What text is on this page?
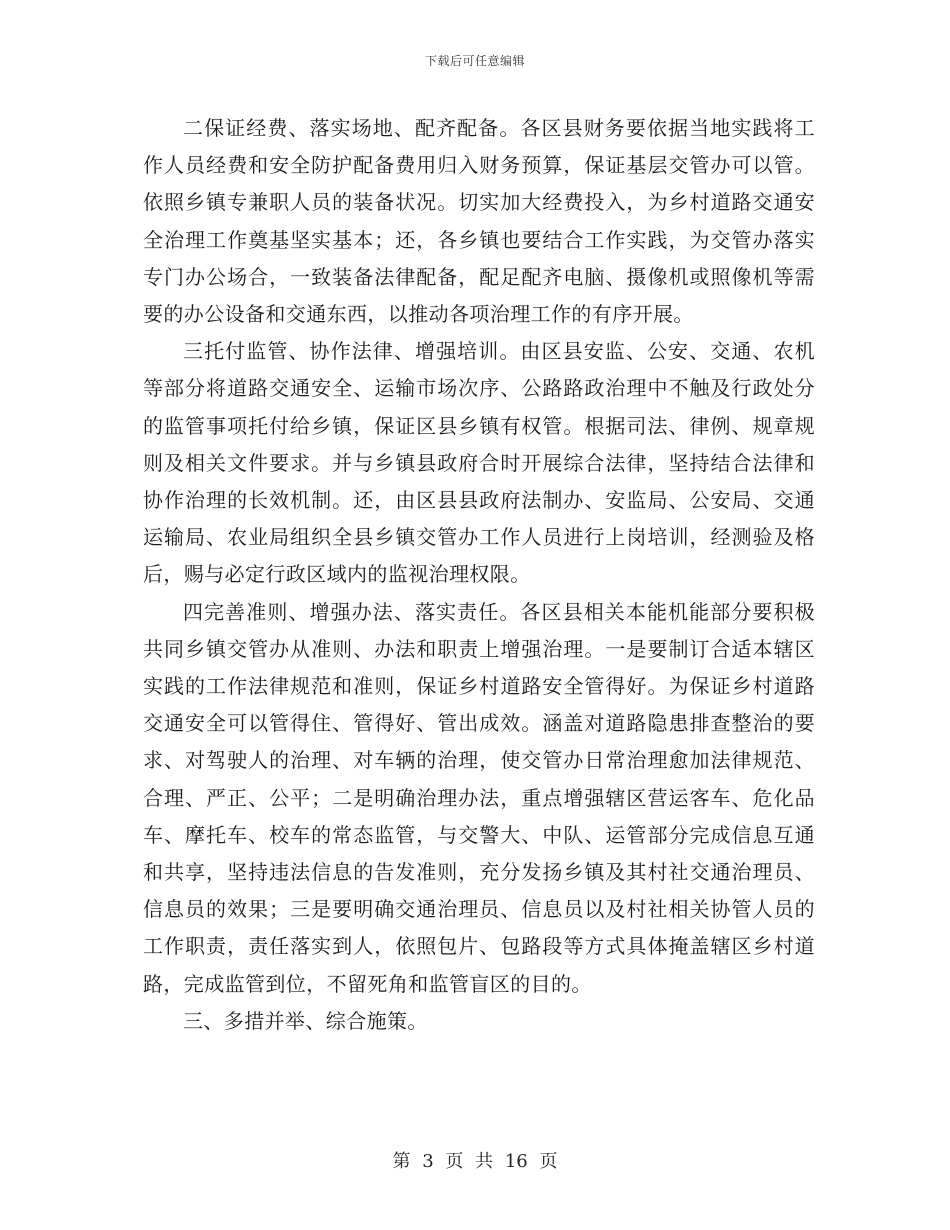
下载后可任意编辑

二保证经费、落实场地、配齐配备。各区县财务要依据当地实践将工作人员经费和安全防护配备费用归入财务预算，保证基层交管办可以管。依照乡镇专兼职人员的装备状况。切实加大经费投入，为乡村道路交通安全治理工作奠基坚实基本；还，各乡镇也要结合工作实践，为交管办落实专门办公场合，一致装备法律配备，配足配齐电脑、摄像机或照像机等需要的办公设备和交通东西，以推动各项治理工作的有序开展。

三托付监管、协作法律、增强培训。由区县安监、公安、交通、农机等部分将道路交通安全、运输市场次序、公路路政治理中不触及行政处分的监管事项托付给乡镇，保证区县乡镇有权管。根据司法、律例、规章规则及相关文件要求。并与乡镇县政府合时开展综合法律，坚持结合法律和协作治理的长效机制。还，由区县县政府法制办、安监局、公安局、交通运输局、农业局组织全县乡镇交管办工作人员进行上岗培训，经测验及格后，赐与必定行政区域内的监视治理权限。

四完善准则、增强办法、落实责任。各区县相关本能机能部分要积极共同乡镇交管办从准则、办法和职责上增强治理。一是要制订合适本辖区实践的工作法律规范和准则，保证乡村道路安全管得好。为保证乡村道路交通安全可以管得住、管得好、管出成效。涵盖对道路隐患排查整治的要求、对驾驶人的治理、对车辆的治理，使交管办日常治理愈加法律规范、合理、严正、公平；二是明确治理办法，重点增强辖区营运客车、危化品车、摩托车、校车的常态监管，与交警大、中队、运管部分完成信息互通和共享，坚持违法信息的告发准则，充分发扬乡镇及其村社交通治理员、信息员的效果；三是要明确交通治理员、信息员以及村社相关协管人员的工作职责，责任落实到人，依照包片、包路段等方式具体掩盖辖区乡村道路，完成监管到位，不留死角和监管盲区的目的。

三、多措并举、综合施策。

第 3 页 共 16 页
